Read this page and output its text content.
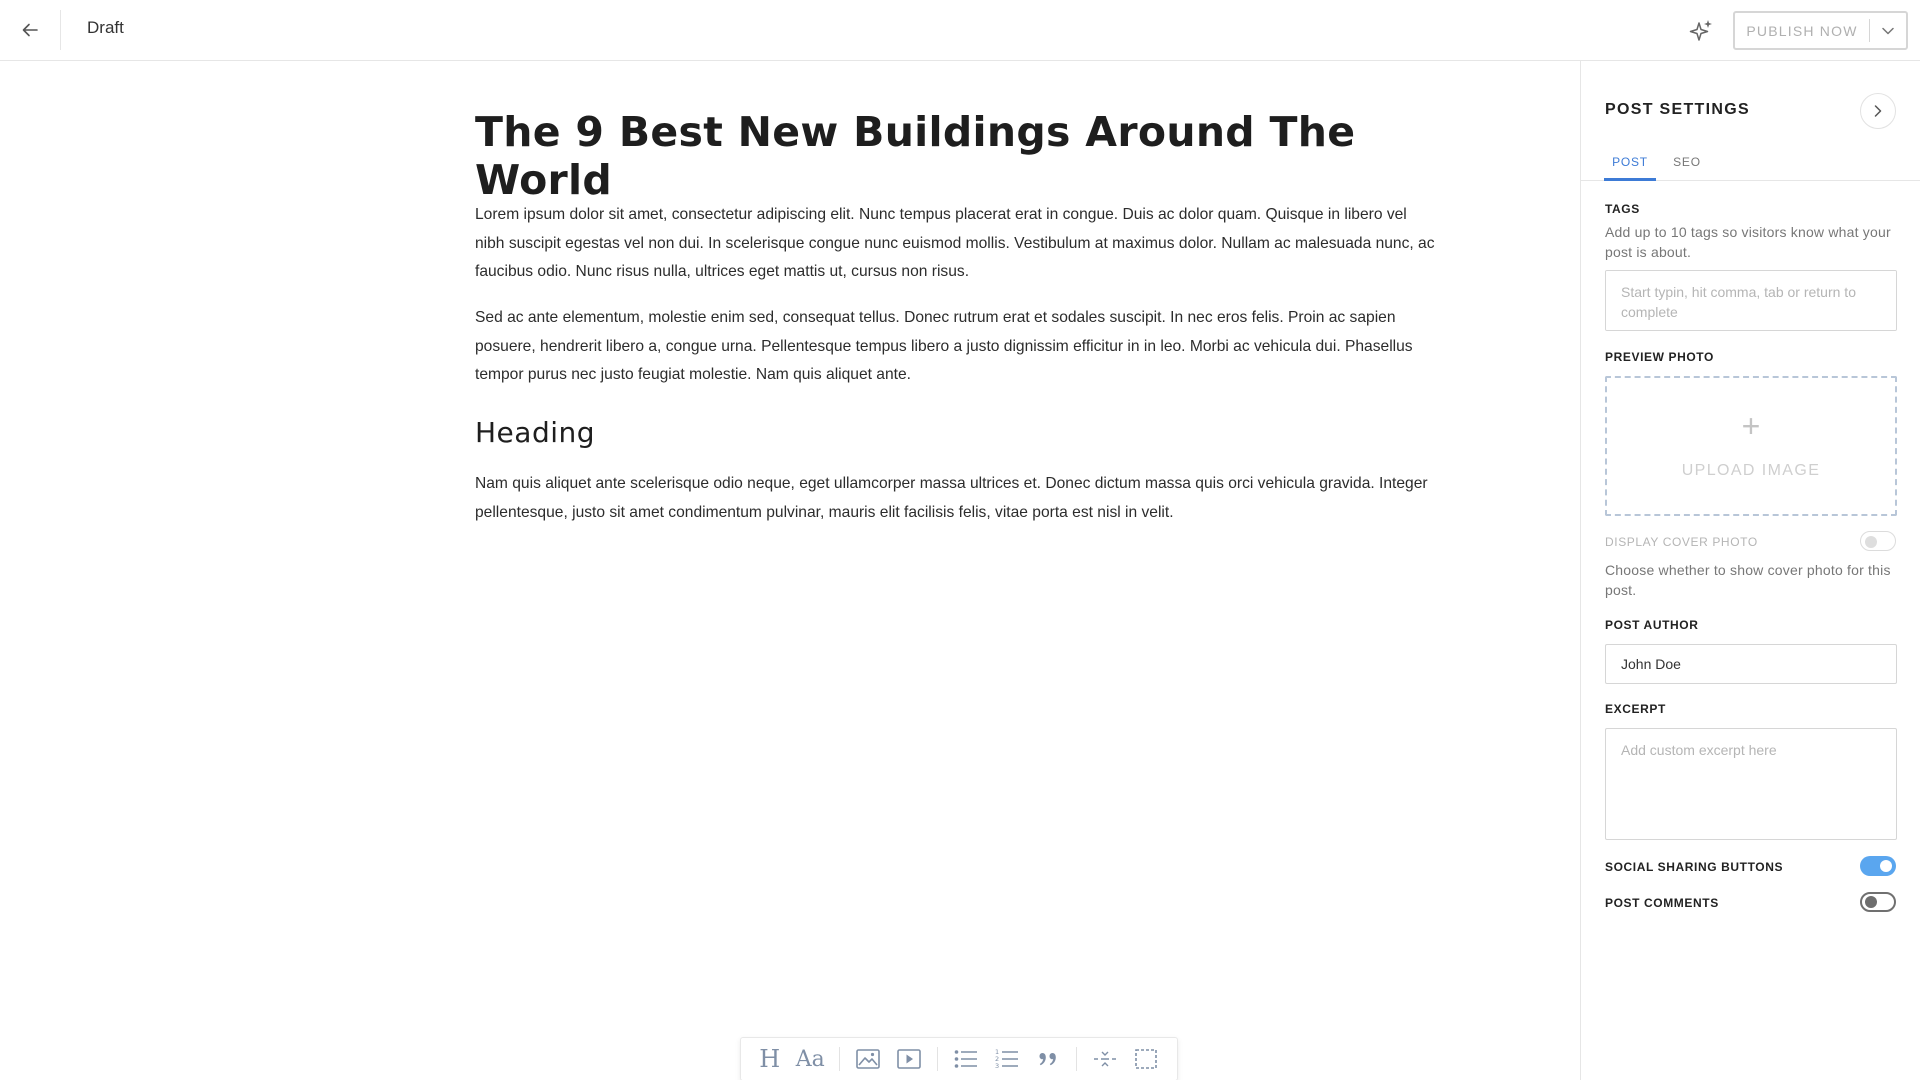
Draft	PUBLISH NOW
The 9 Best New Buildings Around The World

Lorem ipsum dolor sit amet, consectetur adipiscing elit. Nunc tempus placerat erat in congue. Duis ac dolor quam. Quisque in libero vel nibh suscipit egestas vel non dui. In scelerisque congue nunc euismod mollis. Vestibulum at maximus dolor. Nullam ac malesuada nunc, ac faucibus odio. Nunc risus nulla, ultrices eget mattis ut, cursus non risus.

Sed ac ante elementum, molestie enim sed, consequat tellus. Donec rutrum erat et sodales suscipit. In nec eros felis. Proin ac sapien posuere, hendrerit libero a, congue urna. Pellentesque tempus libero a justo dignissim efficitur in in leo. Morbi ac vehicula dui. Phasellus tempor purus nec justo feugiat molestie. Nam quis aliquet ante.

Heading

Nam quis aliquet ante scelerisque odio neque, eget ullamcorper massa ultrices et. Donec dictum massa quis orci vehicula gravida. Integer pellentesque, justo sit amet condimentum pulvinar, mauris elit facilisis felis, vitae porta est nisl in velit.

H Aa	1
2
3
POST SETTINGS
POST	SEO
TAGS
Add up to 10 tags so visitors know what your post is about.
Start typin, hit comma, tab or return to complete
PREVIEW PHOTO
+
UPLOAD IMAGE
DISPLAY COVER PHOTO
Choose whether to show cover photo for this post.
POST AUTHOR
John Doe
EXCERPT
Add custom excerpt here
SOCIAL SHARING BUTTONS
POST COMMENTS
